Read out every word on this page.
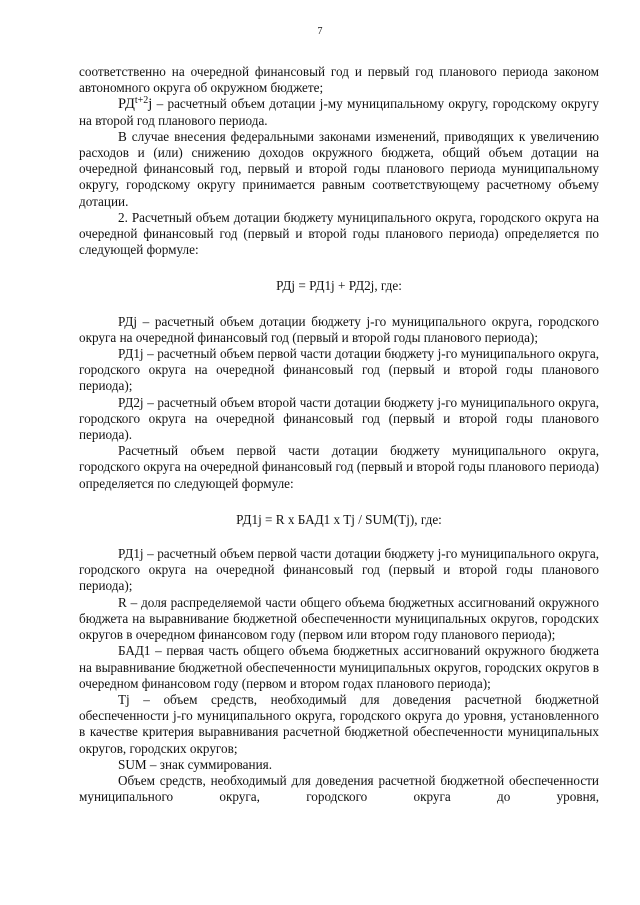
7

соответственно на очередной финансовый год и первый год планового периода законом автономного округа об окружном бюджете;

$РД^{t+2}j$ – расчетный объем дотации j-му муниципальному округу, городскому округу на второй год планового периода.

В случае внесения федеральными законами изменений, приводящих к увеличению расходов и (или) снижению доходов окружного бюджета, общий объем дотации на очередной финансовый год, первый и второй годы планового периода муниципальному округу, городскому округу принимается равным соответствующему расчетному объему дотации.

2. Расчетный объем дотации бюджету муниципального округа, городского округа на очередной финансовый год (первый и второй годы планового периода) определяется по следующей формуле:

РДj = РД1j + РД2j, где:

РДj – расчетный объем дотации бюджету j-го муниципального округа, городского округа на очередной финансовый год (первый и второй годы планового периода);

РД1j – расчетный объем первой части дотации бюджету j-го муниципального округа, городского округа на очередной финансовый год (первый и второй годы планового периода);

РД2j – расчетный объем второй части дотации бюджету j-го муниципального округа, городского округа на очередной финансовый год (первый и второй годы планового периода).

Расчетный объем первой части дотации бюджету муниципального округа, городского округа на очередной финансовый год (первый и второй годы планового периода) определяется по следующей формуле:

РД1j = R x БАД1 x Tj / SUM(Tj), где:

РД1j – расчетный объем первой части дотации бюджету j-го муниципального округа, городского округа на очередной финансовый год (первый и второй годы планового периода);

R – доля распределяемой части общего объема бюджетных ассигнований окружного бюджета на выравнивание бюджетной обеспеченности муниципальных округов, городских округов в очередном финансовом году (первом или втором году планового периода);

БАД1 – первая часть общего объема бюджетных ассигнований окружного бюджета на выравнивание бюджетной обеспеченности муниципальных округов, городских округов в очередном финансовом году (первом и втором годах планового периода);

Tj – объем средств, необходимый для доведения расчетной бюджетной обеспеченности j-го муниципального округа, городского округа до уровня, установленного в качестве критерия выравнивания расчетной бюджетной обеспеченности муниципальных округов, городских округов;

SUM – знак суммирования.

Объем средств, необходимый для доведения расчетной бюджетной обеспеченности муниципального округа, городского округа до уровня,
